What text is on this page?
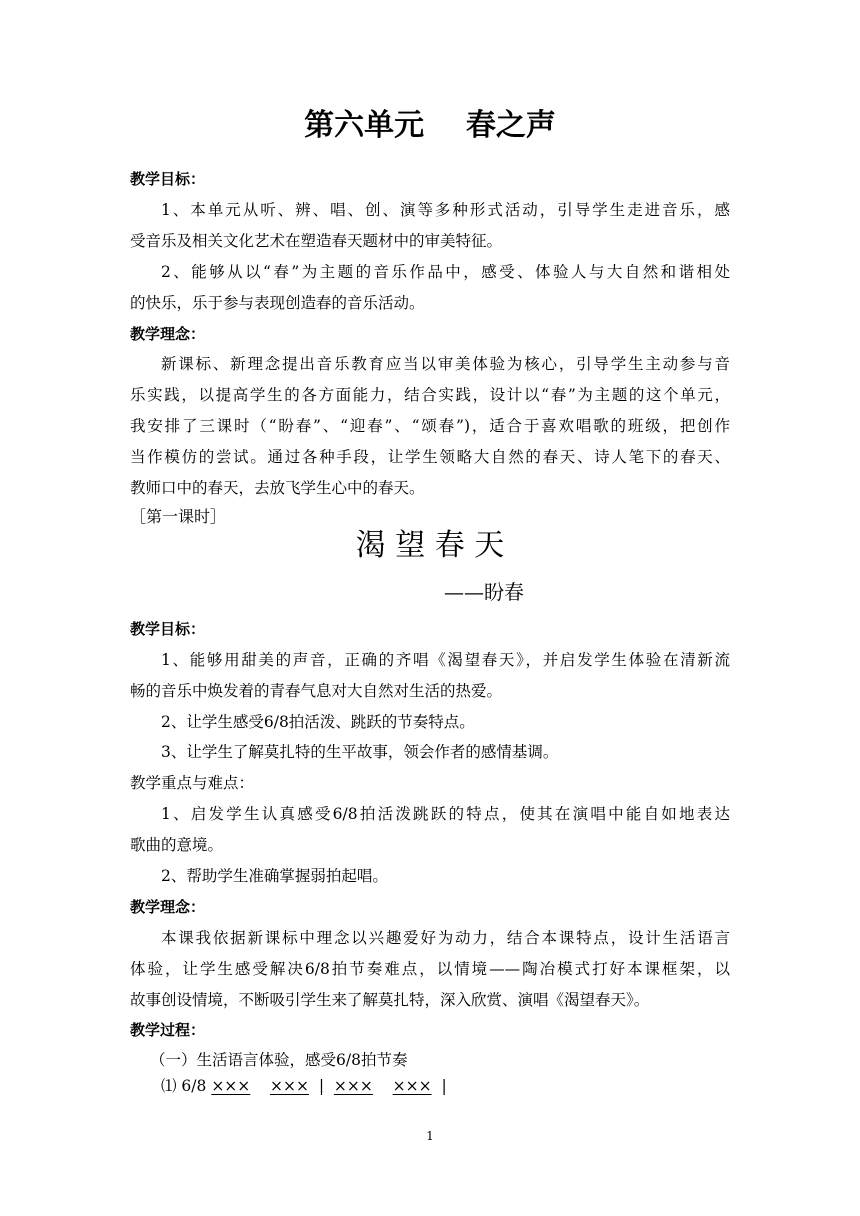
第六单元    春之声
教学目标：
1、本单元从听、辨、唱、创、演等多种形式活动，引导学生走进音乐，感
受音乐及相关文化艺术在塑造春天题材中的审美特征。
2、能够从以“春”为主题的音乐作品中，感受、体验人与大自然和谐相处
的快乐，乐于参与表现创造春的音乐活动。
教学理念：
新课标、新理念提出音乐教育应当以审美体验为核心，引导学生主动参与音
乐实践，以提高学生的各方面能力，结合实践，设计以“春”为主题的这个单元，
我安排了三课时（“盼春”、“迎春”、“颂春”)，适合于喜欢唱歌的班级，把创作
当作模仿的尝试。通过各种手段，让学生领略大自然的春天、诗人笔下的春天、
教师口中的春天，去放飞学生心中的春天。
［第一课时］
渴 望 春 天
——盼春
教学目标：
1、能够用甜美的声音，正确的齐唱《渴望春天》，并启发学生体验在清新流
畅的音乐中焕发着的青春气息对大自然对生活的热爱。
2、让学生感受6/8拍活泼、跳跃的节奏特点。
3、让学生了解莫扎特的生平故事，领会作者的感情基调。
教学重点与难点：
1、启发学生认真感受6/8拍活泼跳跃的特点，使其在演唱中能自如地表达
歌曲的意境。
2、帮助学生准确掌握弱拍起唱。
教学理念：
本课我依据新课标中理念以兴趣爱好为动力，结合本课特点，设计生活语言
体验，让学生感受解决6/8拍节奏难点，以情境——陶冶模式打好本课框架，以
故事创设情境，不断吸引学生来了解莫扎特，深入欣赏、演唱《渴望春天》。
教学过程：
（一）生活语言体验，感受6/8拍节奏
⑴ 6/8 ××× ××× | ××× ××× |
1
